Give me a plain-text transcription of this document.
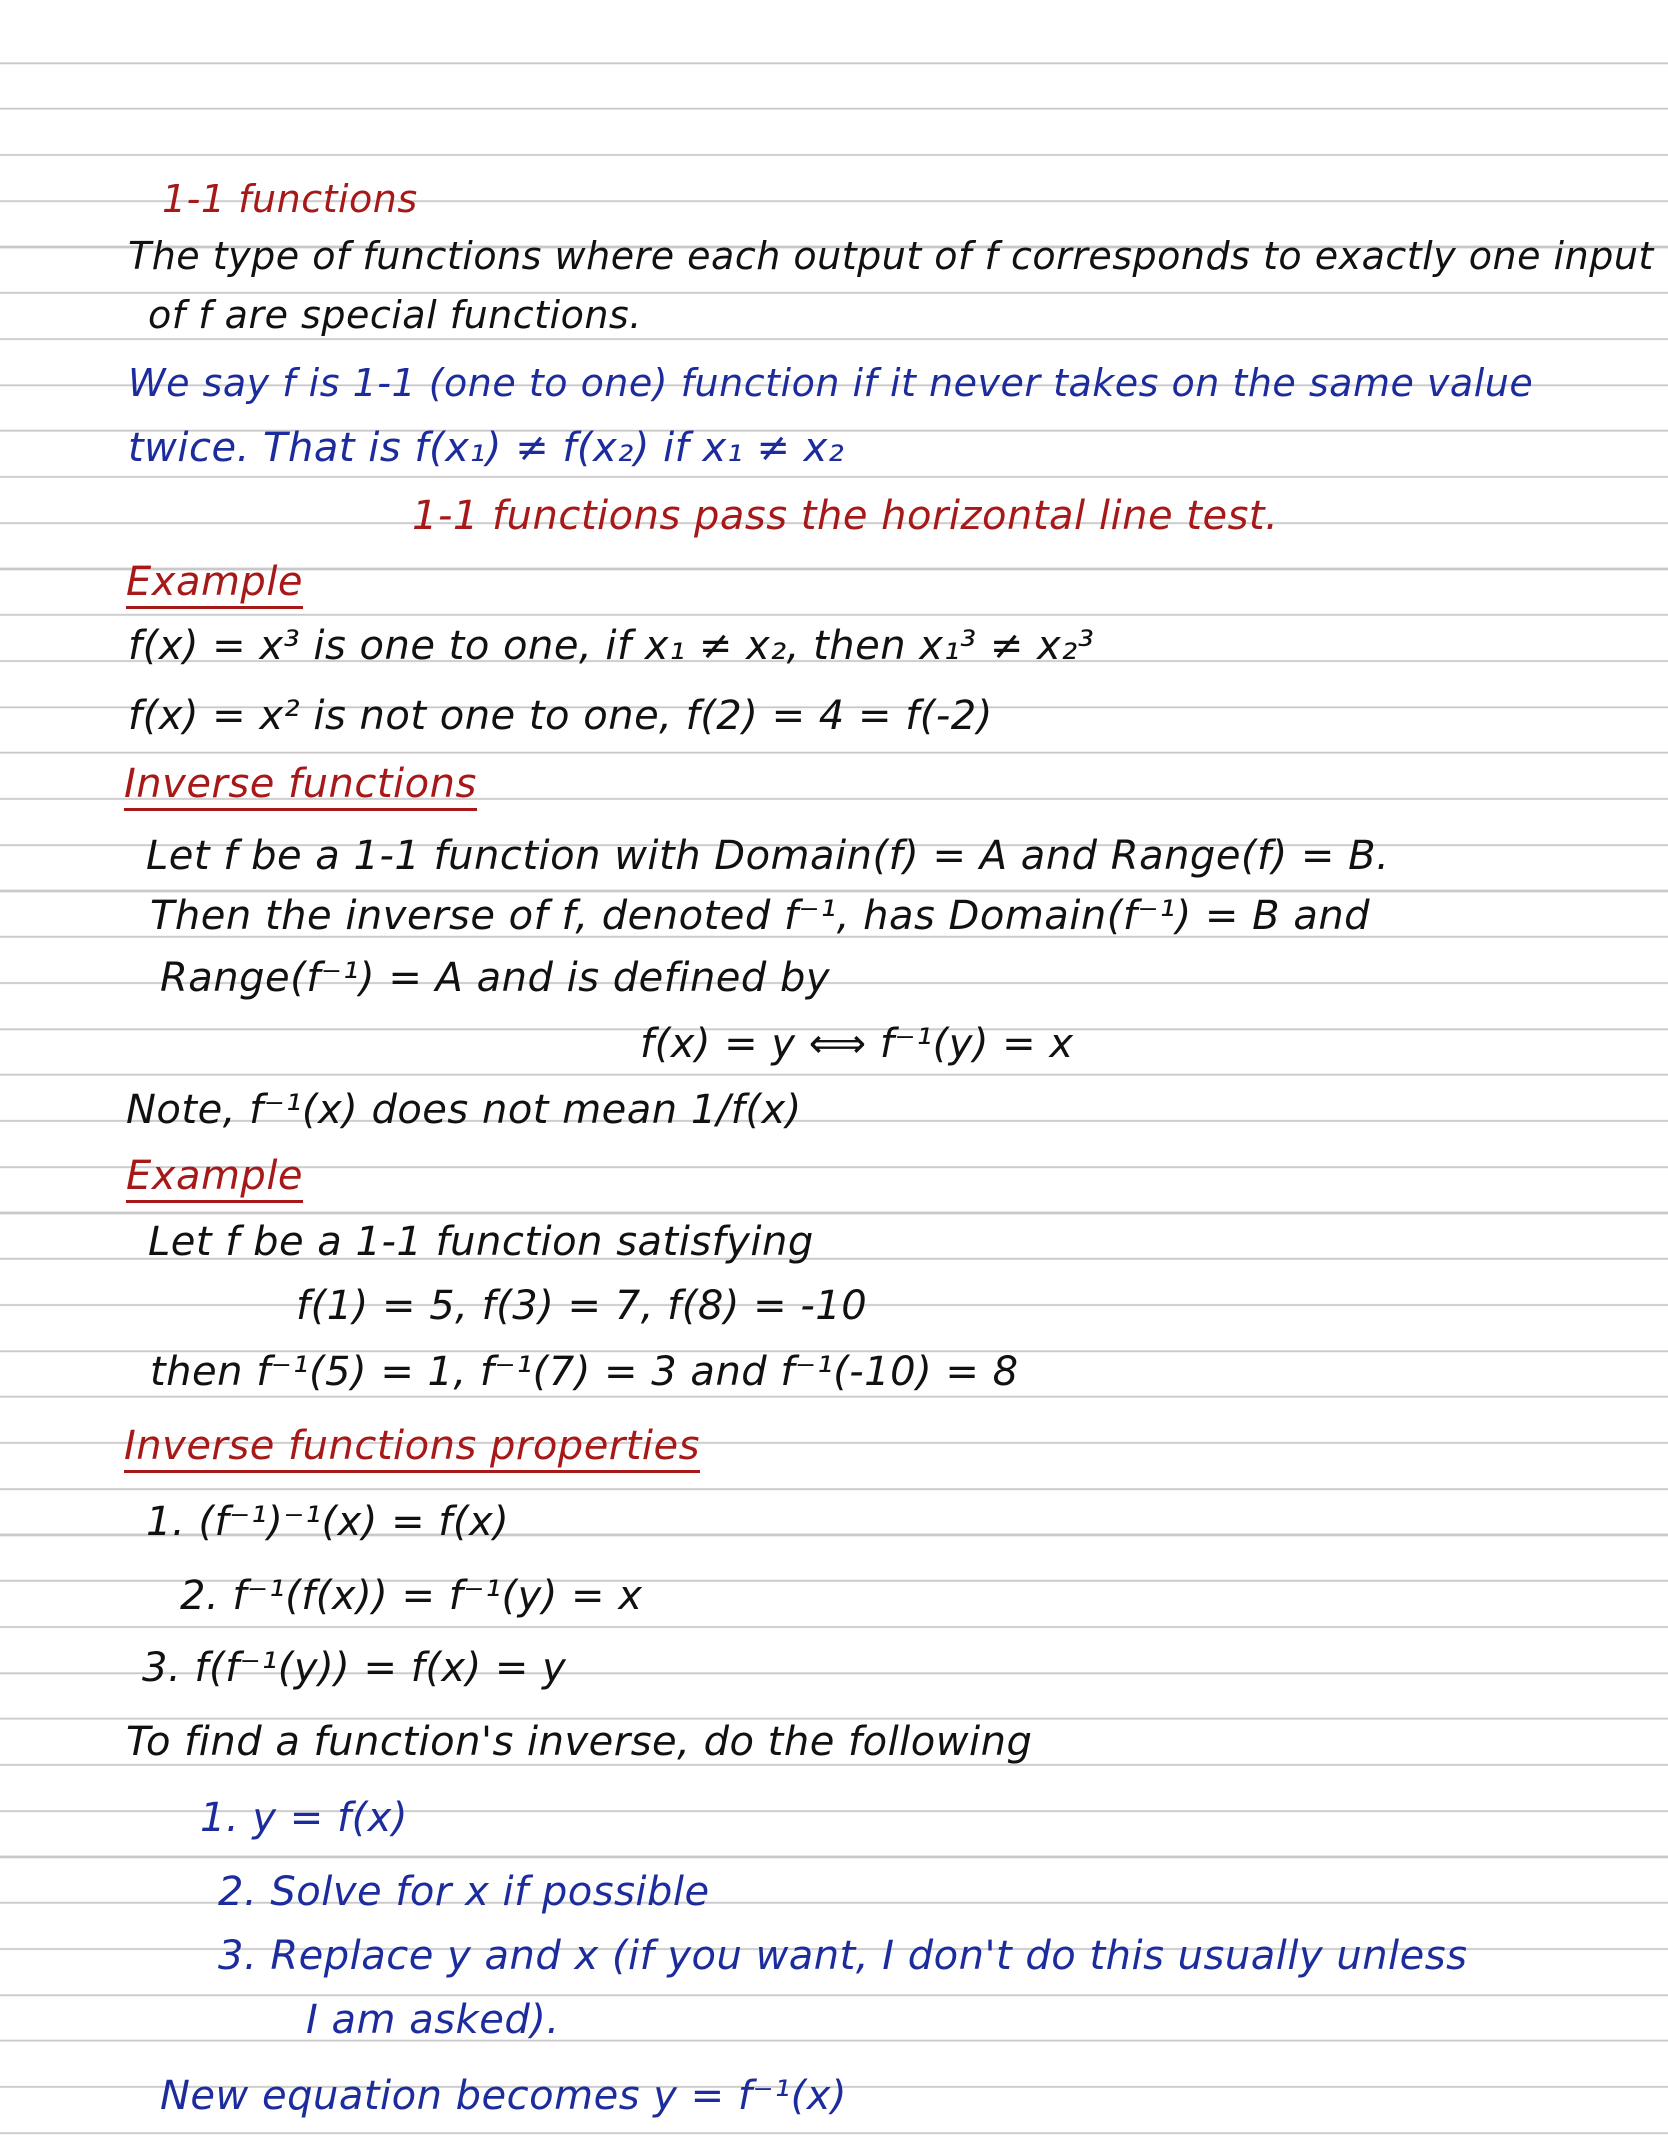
1-1 functions
The type of functions where each output of f corresponds to exactly one input
of f are special functions.
We say f is 1-1 (one to one) function if it never takes on the same value
twice. That is f(x₁) ≠ f(x₂) if x₁ ≠ x₂
1-1 functions pass the horizontal line test.
Example
f(x) = x³ is one to one, if x₁ ≠ x₂, then x₁³ ≠ x₂³
f(x) = x² is not one to one, f(2) = 4 = f(-2)
Inverse functions
Let f be a 1-1 function with Domain(f) = A and Range(f) = B.
Then the inverse of f, denoted f⁻¹, has Domain(f⁻¹) = B and
Range(f⁻¹) = A and is defined by
f(x) = y ⟺ f⁻¹(y) = x
Note, f⁻¹(x) does not mean 1/f(x)
Example
Let f be a 1-1 function satisfying
f(1) = 5, f(3) = 7, f(8) = -10
then f⁻¹(5) = 1, f⁻¹(7) = 3 and f⁻¹(-10) = 8
Inverse functions properties
1. (f⁻¹)⁻¹(x) = f(x)
2. f⁻¹(f(x)) = f⁻¹(y) = x
3. f(f⁻¹(y)) = f(x) = y
To find a function's inverse, do the following
1. y = f(x)
2. Solve for x if possible
3. Replace y and x (if you want, I don't do this usually unless
I am asked).
New equation becomes y = f⁻¹(x)
